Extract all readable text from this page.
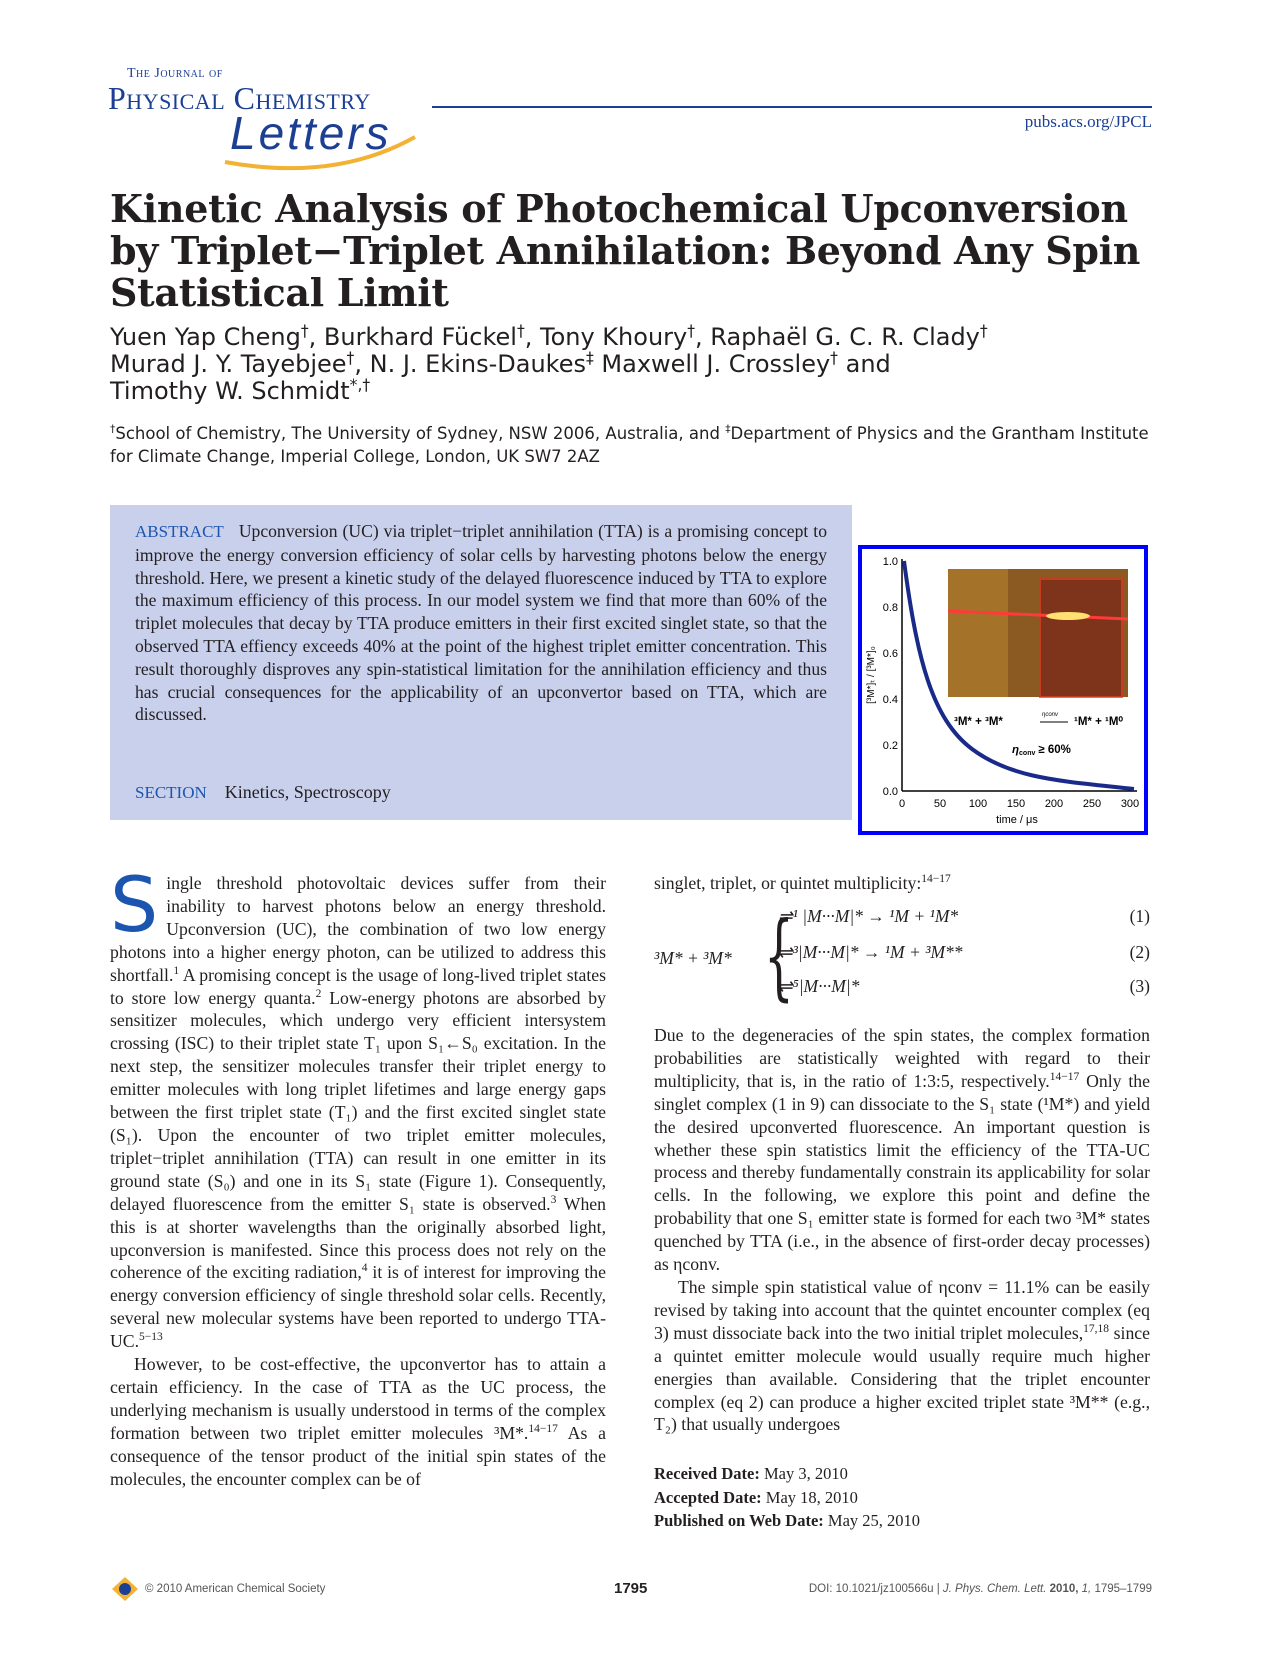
The Journal of
Physical Chemistry
Letters	pubs.acs.org/JPCL
Kinetic Analysis of Photochemical Upconversion by Triplet−Triplet Annihilation: Beyond Any Spin Statistical Limit
Yuen Yap Cheng†, Burkhard Fückel†, Tony Khoury†, Raphaël G. C. R. Clady†
Murad J. Y. Tayebjee†, N. J. Ekins-Daukes‡ Maxwell J. Crossley† and
Timothy W. Schmidt*,†
†School of Chemistry, The University of Sydney, NSW 2006, Australia, and ‡Department of Physics and the Grantham Institute for Climate Change, Imperial College, London, UK SW7 2AZ
ABSTRACT Upconversion (UC) via triplet−triplet annihilation (TTA) is a promising concept to improve the energy conversion efficiency of solar cells by harvesting photons below the energy threshold. Here, we present a kinetic study of the delayed fluorescence induced by TTA to explore the maximum efficiency of this process. In our model system we find that more than 60% of the triplet molecules that decay by TTA produce emitters in their first excited singlet state, so that the observed TTA effiency exceeds 40% at the point of the highest triplet emitter concentration. This result thoroughly disproves any spin-statistical limitation for the annihilation efficiency and thus has crucial consequences for the applicability of an upconvertor based on TTA, which are discussed.
SECTION Kinetics, Spectroscopy	0.0
0.2
0.4
0.6
0.8
1.0
0	50 100 150 200 250 300
time / μs
[³M*]ₜ / [³M*]₀
³M* + ³M*
ηconv
¹M* + ¹M⁰
ηconv ≥ 60%

Single threshold photovoltaic devices suffer from their inability to harvest photons below an energy threshold. Upconversion (UC), the combination of two low energy photons into a higher energy photon, can be utilized to address this shortfall.$^1$ A promising concept is the usage of long-lived triplet states to store low energy quanta.$^2$ Low-energy photons are absorbed by sensitizer molecules, which undergo very efficient intersystem crossing (ISC) to their triplet state T₁ upon S₁←S₀ excitation. In the next step, the sensitizer molecules transfer their triplet energy to emitter molecules with long triplet lifetimes and large energy gaps between the first triplet state (T₁) and the first excited singlet state (S₁). Upon the encounter of two triplet emitter molecules, triplet−triplet annihilation (TTA) can result in one emitter in its ground state (S₀) and one in its S₁ state (Figure 1). Consequently, delayed fluorescence from the emitter S₁ state is observed.$^3$ When this is at shorter wavelengths than the originally absorbed light, upconversion is manifested. Since this process does not rely on the coherence of the exciting radiation,$^4$ it is of interest for improving the energy conversion efficiency of single threshold solar cells. Recently, several new molecular systems have been reported to undergo TTA-UC.$^{5-13}$

However, to be cost-effective, the upconvertor has to attain a certain efficiency. In the case of TTA as the UC process, the underlying mechanism is usually understood in terms of the complex formation between two triplet emitter molecules ³M*.$^{14-17}$ As a consequence of the tensor product of the initial spin states of the molecules, the encounter complex can be of

singlet, triplet, or quintet multiplicity:$^{14-17}$

³M* + ³M* {
⇌¹ |M···M|* → ¹M + ¹M*	(1)
⇌³|M···M|* → ¹M + ³M**	(2)
⇌⁵|M···M|*	(3)

Due to the degeneracies of the spin states, the complex formation probabilities are statistically weighted with regard to their multiplicity, that is, in the ratio of 1:3:5, respectively.$^{14-17}$ Only the singlet complex (1 in 9) can dissociate to the S₁ state (¹M*) and yield the desired upconverted fluorescence. An important question is whether these spin statistics limit the efficiency of the TTA-UC process and thereby fundamentally constrain its applicability for solar cells. In the following, we explore this point and define the probability that one S₁ emitter state is formed for each two ³M* states quenched by TTA (i.e., in the absence of first-order decay processes) as ηconv.

The simple spin statistical value of ηconv = 11.1% can be easily revised by taking into account that the quintet encounter complex (eq 3) must dissociate back into the two initial triplet molecules,$^{17,18}$ since a quintet emitter molecule would usually require much higher energies than available. Considering that the triplet encounter complex (eq 2) can produce a higher excited triplet state ³M** (e.g., T₂) that usually undergoes

Received Date: May 3, 2010
Accepted Date: May 18, 2010
Published on Web Date: May 25, 2010
© 2010 American Chemical Society	1795	DOI: 10.1021/jz100566u | J. Phys. Chem. Lett. 2010, 1, 1795–1799
